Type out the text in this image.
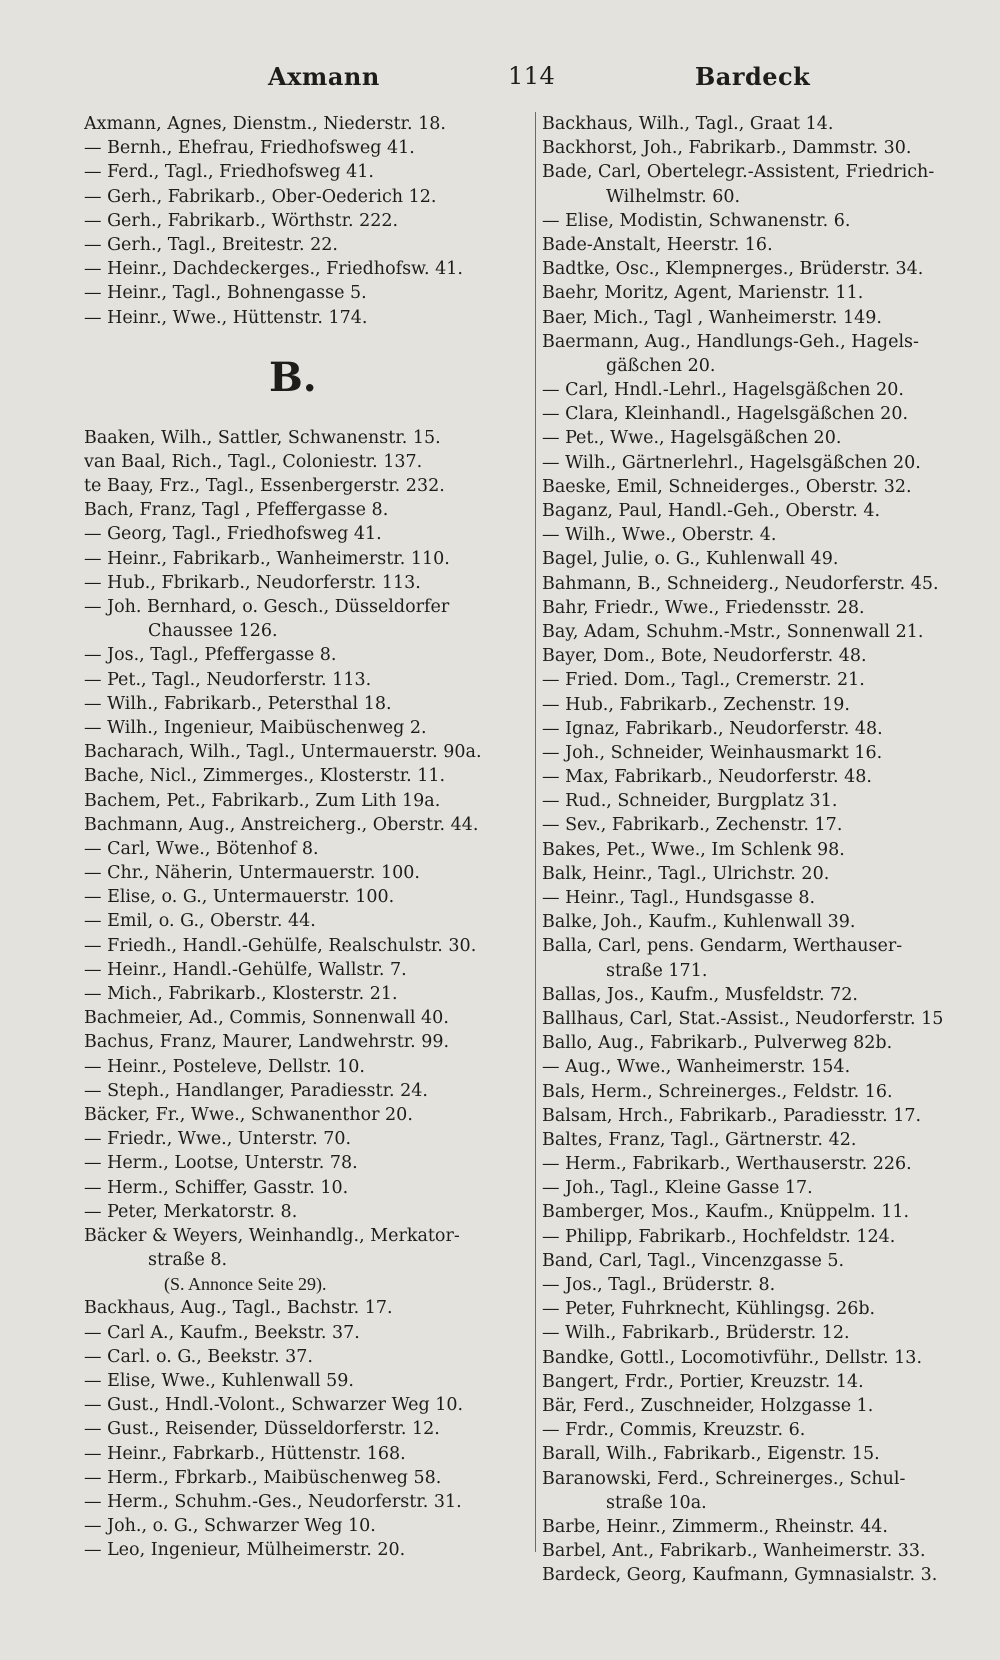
Axmann	114	Bardeck
Axmann, Agnes, Dienstm., Niederstr. 18.
— Bernh., Ehefrau, Friedhofsweg 41.
— Ferd., Tagl., Friedhofsweg 41.
— Gerh., Fabrikarb., Ober-Oederich 12.
— Gerh., Fabrikarb., Wörthstr. 222.
— Gerh., Tagl., Breitestr. 22.
— Heinr., Dachdeckerges., Friedhofsw. 41.
— Heinr., Tagl., Bohnengasse 5.
— Heinr., Wwe., Hüttenstr. 174.
B.
Baaken, Wilh., Sattler, Schwanenstr. 15.
van Baal, Rich., Tagl., Coloniestr. 137.
te Baay, Frz., Tagl., Essenbergerstr. 232.
Bach, Franz, Tagl , Pfeffergasse 8.
— Georg, Tagl., Friedhofsweg 41.
— Heinr., Fabrikarb., Wanheimerstr. 110.
— Hub., Fbrikarb., Neudorferstr. 113.
— Joh. Bernhard, o. Gesch., Düsseldorfer
Chaussee 126.
— Jos., Tagl., Pfeffergasse 8.
— Pet., Tagl., Neudorferstr. 113.
— Wilh., Fabrikarb., Petersthal 18.
— Wilh., Ingenieur, Maibüschenweg 2.
Bacharach, Wilh., Tagl., Untermauerstr. 90a.
Bache, Nicl., Zimmerges., Klosterstr. 11.
Bachem, Pet., Fabrikarb., Zum Lith 19a.
Bachmann, Aug., Anstreicherg., Oberstr. 44.
— Carl, Wwe., Bötenhof 8.
— Chr., Näherin, Untermauerstr. 100.
— Elise, o. G., Untermauerstr. 100.
— Emil, o. G., Oberstr. 44.
— Friedh., Handl.-Gehülfe, Realschulstr. 30.
— Heinr., Handl.-Gehülfe, Wallstr. 7.
— Mich., Fabrikarb., Klosterstr. 21.
Bachmeier, Ad., Commis, Sonnenwall 40.
Bachus, Franz, Maurer, Landwehrstr. 99.
— Heinr., Posteleve, Dellstr. 10.
— Steph., Handlanger, Paradiesstr. 24.
Bäcker, Fr., Wwe., Schwanenthor 20.
— Friedr., Wwe., Unterstr. 70.
— Herm., Lootse, Unterstr. 78.
— Herm., Schiffer, Gasstr. 10.
— Peter, Merkatorstr. 8.
Bäcker & Weyers, Weinhandlg., Merkator-
straße 8.
(S. Annonce Seite 29).
Backhaus, Aug., Tagl., Bachstr. 17.
— Carl A., Kaufm., Beekstr. 37.
— Carl. o. G., Beekstr. 37.
— Elise, Wwe., Kuhlenwall 59.
— Gust., Hndl.-Volont., Schwarzer Weg 10.
— Gust., Reisender, Düsseldorferstr. 12.
— Heinr., Fabrkarb., Hüttenstr. 168.
— Herm., Fbrkarb., Maibüschenweg 58.
— Herm., Schuhm.-Ges., Neudorferstr. 31.
— Joh., o. G., Schwarzer Weg 10.
— Leo, Ingenieur, Mülheimerstr. 20.
Backhaus, Wilh., Tagl., Graat 14.
Backhorst, Joh., Fabrikarb., Dammstr. 30.
Bade, Carl, Obertelegr.-Assistent, Friedrich-
Wilhelmstr. 60.
— Elise, Modistin, Schwanenstr. 6.
Bade-Anstalt, Heerstr. 16.
Badtke, Osc., Klempnerges., Brüderstr. 34.
Baehr, Moritz, Agent, Marienstr. 11.
Baer, Mich., Tagl , Wanheimerstr. 149.
Baermann, Aug., Handlungs-Geh., Hagels-
gäßchen 20.
— Carl, Hndl.-Lehrl., Hagelsgäßchen 20.
— Clara, Kleinhandl., Hagelsgäßchen 20.
— Pet., Wwe., Hagelsgäßchen 20.
— Wilh., Gärtnerlehrl., Hagelsgäßchen 20.
Baeske, Emil, Schneiderges., Oberstr. 32.
Baganz, Paul, Handl.-Geh., Oberstr. 4.
— Wilh., Wwe., Oberstr. 4.
Bagel, Julie, o. G., Kuhlenwall 49.
Bahmann, B., Schneiderg., Neudorferstr. 45.
Bahr, Friedr., Wwe., Friedensstr. 28.
Bay, Adam, Schuhm.-Mstr., Sonnenwall 21.
Bayer, Dom., Bote, Neudorferstr. 48.
— Fried. Dom., Tagl., Cremerstr. 21.
— Hub., Fabrikarb., Zechenstr. 19.
— Ignaz, Fabrikarb., Neudorferstr. 48.
— Joh., Schneider, Weinhausmarkt 16.
— Max, Fabrikarb., Neudorferstr. 48.
— Rud., Schneider, Burgplatz 31.
— Sev., Fabrikarb., Zechenstr. 17.
Bakes, Pet., Wwe., Im Schlenk 98.
Balk, Heinr., Tagl., Ulrichstr. 20.
— Heinr., Tagl., Hundsgasse 8.
Balke, Joh., Kaufm., Kuhlenwall 39.
Balla, Carl, pens. Gendarm, Werthauser-
straße 171.
Ballas, Jos., Kaufm., Musfeldstr. 72.
Ballhaus, Carl, Stat.-Assist., Neudorferstr. 15
Ballo, Aug., Fabrikarb., Pulverweg 82b.
— Aug., Wwe., Wanheimerstr. 154.
Bals, Herm., Schreinerges., Feldstr. 16.
Balsam, Hrch., Fabrikarb., Paradiesstr. 17.
Baltes, Franz, Tagl., Gärtnerstr. 42.
— Herm., Fabrikarb., Werthauserstr. 226.
— Joh., Tagl., Kleine Gasse 17.
Bamberger, Mos., Kaufm., Knüppelm. 11.
— Philipp, Fabrikarb., Hochfeldstr. 124.
Band, Carl, Tagl., Vincenzgasse 5.
— Jos., Tagl., Brüderstr. 8.
— Peter, Fuhrknecht, Kühlingsg. 26b.
— Wilh., Fabrikarb., Brüderstr. 12.
Bandke, Gottl., Locomotivführ., Dellstr. 13.
Bangert, Frdr., Portier, Kreuzstr. 14.
Bär, Ferd., Zuschneider, Holzgasse 1.
— Frdr., Commis, Kreuzstr. 6.
Barall, Wilh., Fabrikarb., Eigenstr. 15.
Baranowski, Ferd., Schreinerges., Schul-
straße 10a.
Barbe, Heinr., Zimmerm., Rheinstr. 44.
Barbel, Ant., Fabrikarb., Wanheimerstr. 33.
Bardeck, Georg, Kaufmann, Gymnasialstr. 3.
